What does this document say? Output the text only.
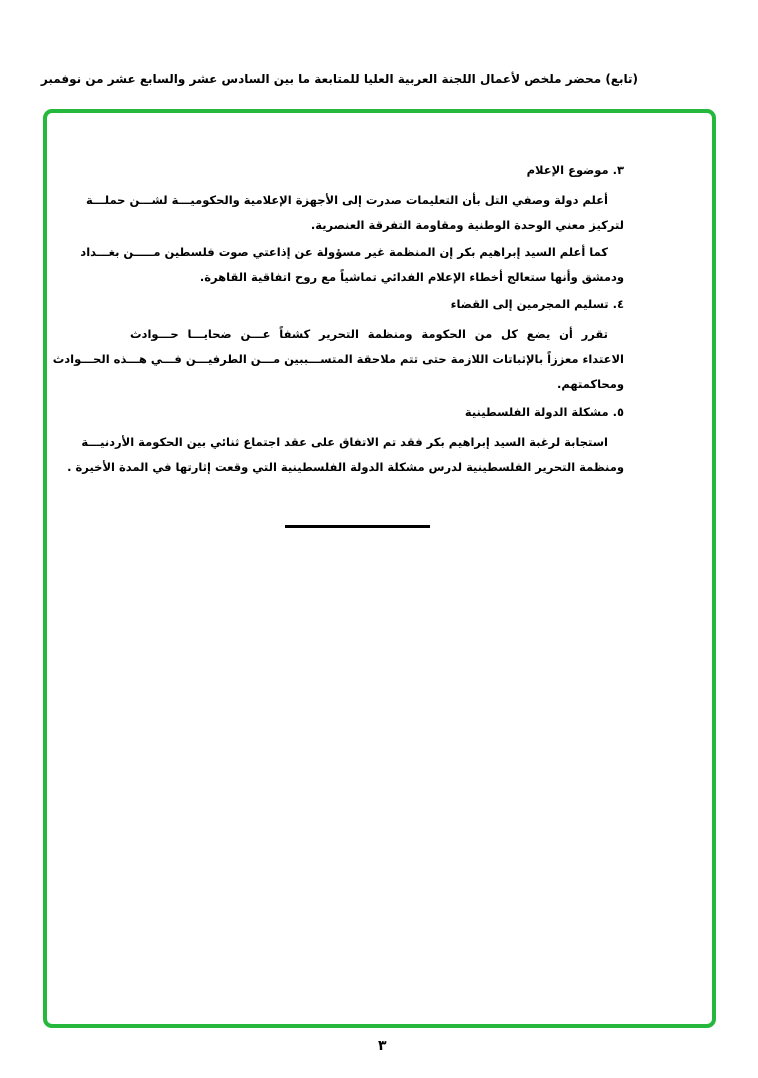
(تابع) محضر ملخص لأعمال اللجنة العربية العليا للمتابعة ما بين السادس عشر والسابع عشر من نوفمبر
٣. موضوع الإعلام
أعلم دولة وصفي التل بأن التعليمات صدرت إلى الأجهزة الإعلامية والحكوميـــة لشـــن حملـــة
لتركيز معني الوحدة الوطنية ومقاومة التفرقة العنصرية.
كما أعلم السيد إبراهيم بكر إن المنظمة غير مسؤولة عن إذاعتي صوت فلسطين مـــــن بغـــداد
ودمشق وأنها ستعالج أخطاء الإعلام الفدائي تماشياً مع روح اتفاقية القاهرة.
٤. تسليم المجرمين إلى القضاء
تقرر أن يضع كل من الحكومة ومنظمة التحرير كشفاً عـــن ضحايـــا حـــوادث
الاعتداء معززاً بالإثباتات اللازمة حتى تتم ملاحقة المتســـببين مـــن الطرفيـــن فـــي هـــذه الحـــوادث
ومحاكمتهم.
٥. مشكلة الدولة الفلسطينية
استجابة لرغبة السيد إبراهيم بكر فقد تم الاتفاق على عقد اجتماع ثنائي بين الحكومة الأردنيـــة
ومنظمة التحرير الفلسطينية لدرس مشكلة الدولة الفلسطينية التي وقعت إثارتها في المدة الأخيرة .
٣
